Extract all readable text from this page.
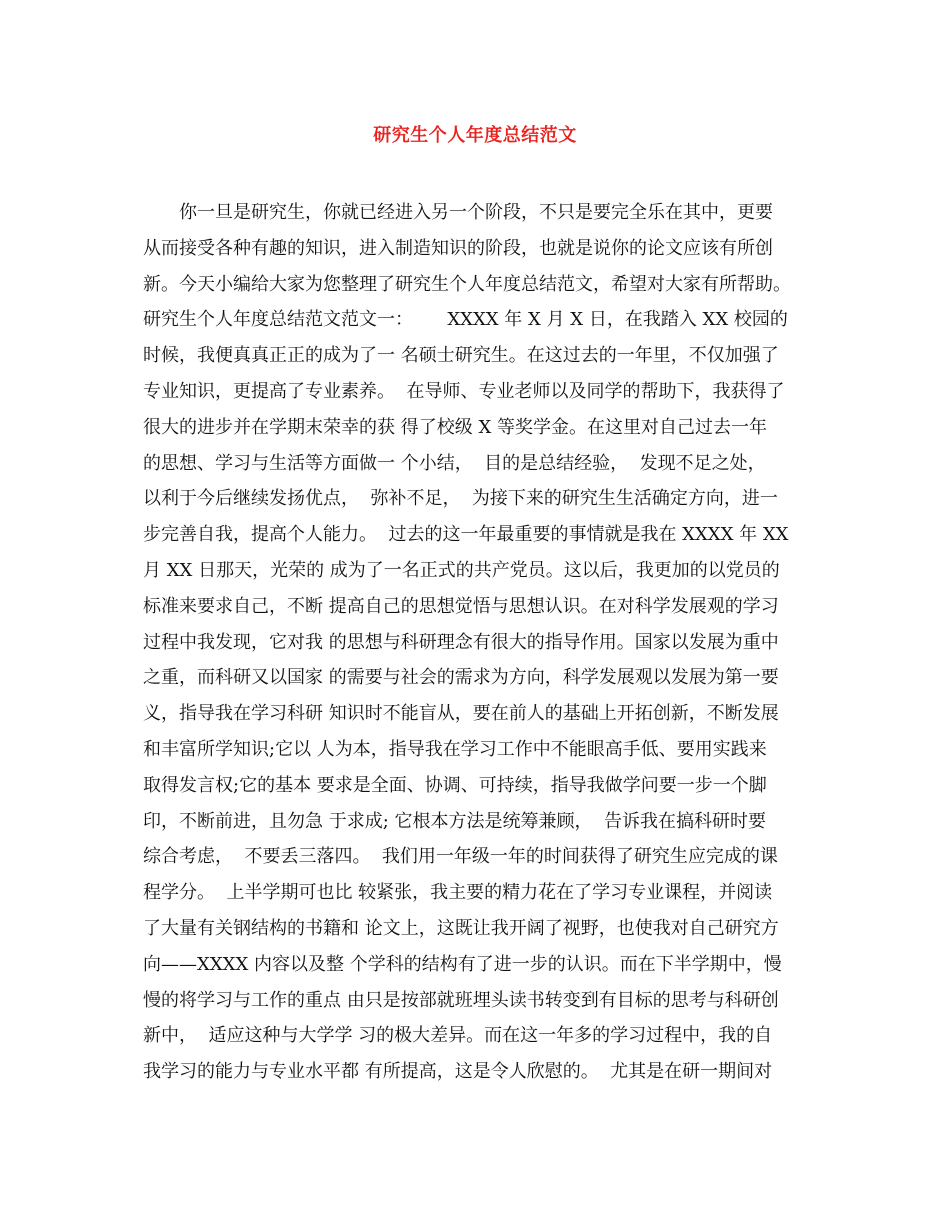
研究生个人年度总结范文
你一旦是研究生，你就已经进入另一个阶段，不只是要完全乐在其中，更要
从而接受各种有趣的知识，进入制造知识的阶段，也就是说你的论文应该有所创
新。今天小编给大家为您整理了研究生个人年度总结范文，希望对大家有所帮助。
研究生个人年度总结范文范文一：      XXXX 年 X 月 X 日，在我踏入 XX 校园的
时候，我便真真正正的成为了一 名硕士研究生。在这过去的一年里，不仅加强了
专业知识，更提高了专业素养。  在导师、专业老师以及同学的帮助下，我获得了
很大的进步并在学期末荣幸的获 得了校级 X 等奖学金。在这里对自己过去一年
的思想、学习与生活等方面做一 个小结，  目的是总结经验，  发现不足之处，
以利于今后继续发扬优点，  弥补不足，  为接下来的研究生生活确定方向，进一
步完善自我，提高个人能力。  过去的这一年最重要的事情就是我在 XXXX 年 XX
月 XX 日那天，光荣的 成为了一名正式的共产党员。这以后，我更加的以党员的
标准来要求自己，不断 提高自己的思想觉悟与思想认识。在对科学发展观的学习
过程中我发现，它对我 的思想与科研理念有很大的指导作用。国家以发展为重中
之重，而科研又以国家 的需要与社会的需求为方向，科学发展观以发展为第一要
义，指导我在学习科研 知识时不能盲从，要在前人的基础上开拓创新，不断发展
和丰富所学知识;它以 人为本，指导我在学习工作中不能眼高手低、要用实践来
取得发言权;它的基本 要求是全面、协调、可持续，指导我做学问要一步一个脚
印，不断前进，且勿急 于求成; 它根本方法是统筹兼顾，  告诉我在搞科研时要
综合考虑，  不要丢三落四。  我们用一年级一年的时间获得了研究生应完成的课
程学分。  上半学期可也比 较紧张，我主要的精力花在了学习专业课程，并阅读
了大量有关钢结构的书籍和 论文上，这既让我开阔了视野，也使我对自己研究方
向——XXXX 内容以及整 个学科的结构有了进一步的认识。而在下半学期中，慢
慢的将学习与工作的重点 由只是按部就班埋头读书转变到有目标的思考与科研创
新中，  适应这种与大学学 习的极大差异。而在这一年多的学习过程中，我的自
我学习的能力与专业水平都 有所提高，这是令人欣慰的。  尤其是在研一期间对
